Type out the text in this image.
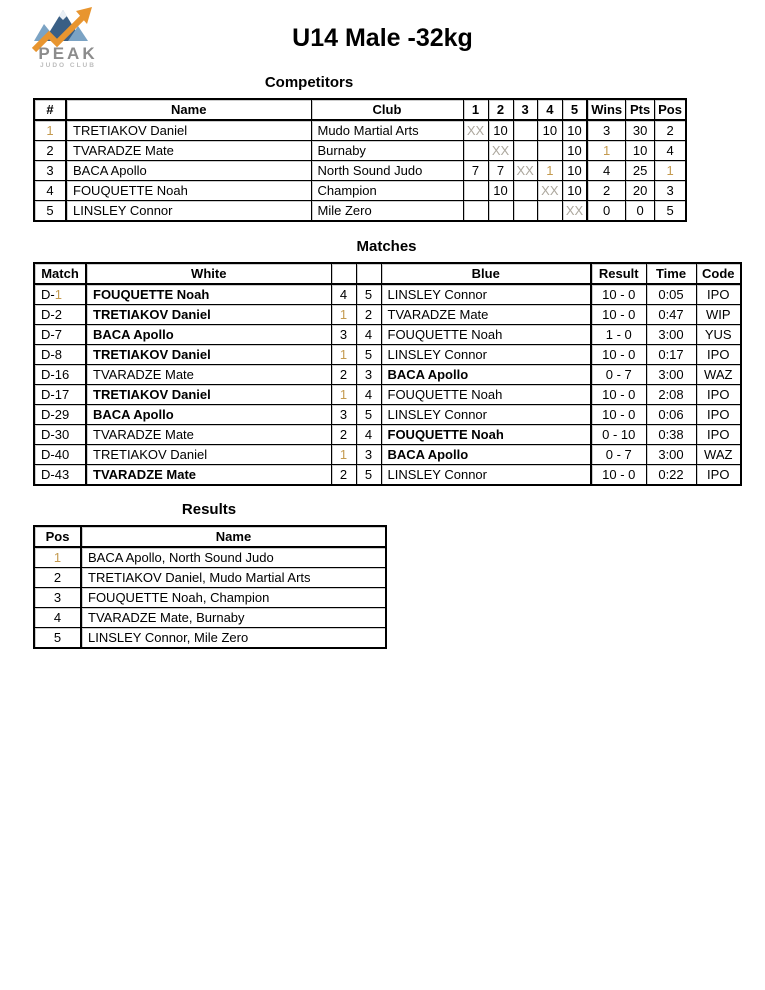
PEAK
JUDO CLUB
U14 Male -32kg
Competitors
#	Name	Club	1	2	3	4	5	Wins	Pts	Pos
1	TRETIAKOV Daniel	Mudo Martial Arts	XX	10		10	10	3	30	2
2	TVARADZE Mate	Burnaby		XX			10	1	10	4
3	BACA Apollo	North Sound Judo	7	7	XX	1	10	4	25	1
4	FOUQUETTE Noah	Champion		10		XX	10	2	20	3
5	LINSLEY Connor	Mile Zero					XX	0	0	5
Matches
Match	White			Blue	Result	Time	Code
D-1	FOUQUETTE Noah	4	5	LINSLEY Connor	10 - 0	0:05	IPO
D-2	TRETIAKOV Daniel	1	2	TVARADZE Mate	10 - 0	0:47	WIP
D-7	BACA Apollo	3	4	FOUQUETTE Noah	1 - 0	3:00	YUS
D-8	TRETIAKOV Daniel	1	5	LINSLEY Connor	10 - 0	0:17	IPO
D-16	TVARADZE Mate	2	3	BACA Apollo	0 - 7	3:00	WAZ
D-17	TRETIAKOV Daniel	1	4	FOUQUETTE Noah	10 - 0	2:08	IPO
D-29	BACA Apollo	3	5	LINSLEY Connor	10 - 0	0:06	IPO
D-30	TVARADZE Mate	2	4	FOUQUETTE Noah	0 - 10	0:38	IPO
D-40	TRETIAKOV Daniel	1	3	BACA Apollo	0 - 7	3:00	WAZ
D-43	TVARADZE Mate	2	5	LINSLEY Connor	10 - 0	0:22	IPO
Results
Pos	Name
1	BACA Apollo, North Sound Judo
2	TRETIAKOV Daniel, Mudo Martial Arts
3	FOUQUETTE Noah, Champion
4	TVARADZE Mate, Burnaby
5	LINSLEY Connor, Mile Zero
